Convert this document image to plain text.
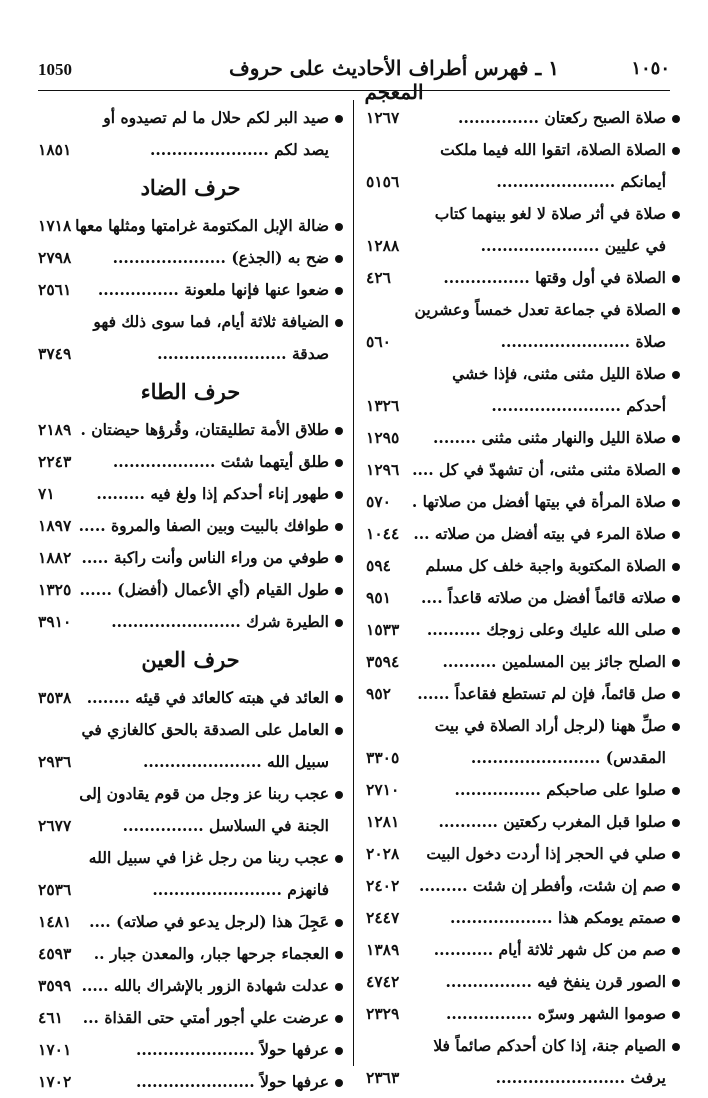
1050	١ ـ فهرس أطراف الأحاديث على حروف المعجم
١٠٥٠
صلاة الصبح ركعتان ...............
١٢٦٧
الصلاة الصلاة، اتقوا الله فيما ملكت
أيمانكم ......................
٥١٥٦
صلاة في أثر صلاة لا لغو بينهما كتاب
في عليين ......................
١٢٨٨
الصلاة في أول وقتها ................
٤٢٦
الصلاة في جماعة تعدل خمساً وعشرين
صلاة ........................
٥٦٠
صلاة الليل مثنى مثنى، فإذا خشي
أحدكم ........................
١٣٢٦
صلاة الليل والنهار مثنى مثنى ........
١٢٩٥
الصلاة مثنى مثنى، أن تشهدّ في كل ....
١٢٩٦
صلاة المرأة في بيتها أفضل من صلاتها .
٥٧٠
صلاة المرء في بيته أفضل من صلاته ...
١٠٤٤
الصلاة المكتوبة واجبة خلف كل مسلم
٥٩٤
صلاته قائماً أفضل من صلاته قاعداً ....
٩٥١
صلى الله عليك وعلى زوجك ..........
١٥٣٣
الصلح جائز بين المسلمين ..........
٣٥٩٤
صل قائماً، فإن لم تستطع فقاعداً ......
٩٥٢
صلِّ ههنا (لرجل أراد الصلاة في بيت
المقدس) ........................
٣٣٠٥
صلوا على صاحبكم ................
٢٧١٠
صلوا قبل المغرب ركعتين ...........
١٢٨١
صلي في الحجر إذا أردت دخول البيت
٢٠٢٨
صم إن شئت، وأفطر إن شئت .........
٢٤٠٢
صمتم يومكم هذا ...................
٢٤٤٧
صم من كل شهر ثلاثة أيام ...........
١٣٨٩
الصور قرن ينفخ فيه ................
٤٧٤٢
صوموا الشهر وسرّه ................
٢٣٢٩
الصيام جنة، إذا كان أحدكم صائماً فلا
يرفث ........................
٢٣٦٣
صيد البر لكم حلال ما لم تصيدوه أو
يصد لكم ......................
١٨٥١
حرف الضاد
ضالة الإبل المكتومة غرامتها ومثلها معها
١٧١٨
ضح به (الجذع) .....................
٢٧٩٨
ضعوا عنها فإنها ملعونة ...............
٢٥٦١
الضيافة ثلاثة أيام، فما سوى ذلك فهو
صدقة ........................
٣٧٤٩
حرف الطاء
طلاق الأمة تطليقتان، وقُرؤها حيضتان .
٢١٨٩
طلق أيتهما شئت ...................
٢٢٤٣
طهور إناء أحدكم إذا ولغ فيه .........
٧١
طوافك بالبيت وبين الصفا والمروة .....
١٨٩٧
طوفي من وراء الناس وأنت راكبة .....
١٨٨٢
طول القيام (أي الأعمال (أفضل) ......
١٣٢٥
الطيرة شرك ........................
٣٩١٠
حرف العين
العائد في هبته كالعائد في قيئه ........
٣٥٣٨
العامل على الصدقة بالحق كالغازي في
سبيل الله ......................
٢٩٣٦
عجب ربنا عز وجل من قوم يقادون إلى
الجنة في السلاسل ...............
٢٦٧٧
عجب ربنا من رجل غزا في سبيل الله
فانهزم ........................
٢٥٣٦
عَجِلَ هذا (لرجل يدعو في صلاته) ....
١٤٨١
العجماء جرحها جبار، والمعدن جبار ..
٤٥٩٣
عدلت شهادة الزور بالإشراك بالله .....
٣٥٩٩
عرضت علي أجور أمتي حتى القذاة ...
٤٦١
عرفها حولاً ......................
١٧٠١
عرفها حولاً ......................
١٧٠٢
